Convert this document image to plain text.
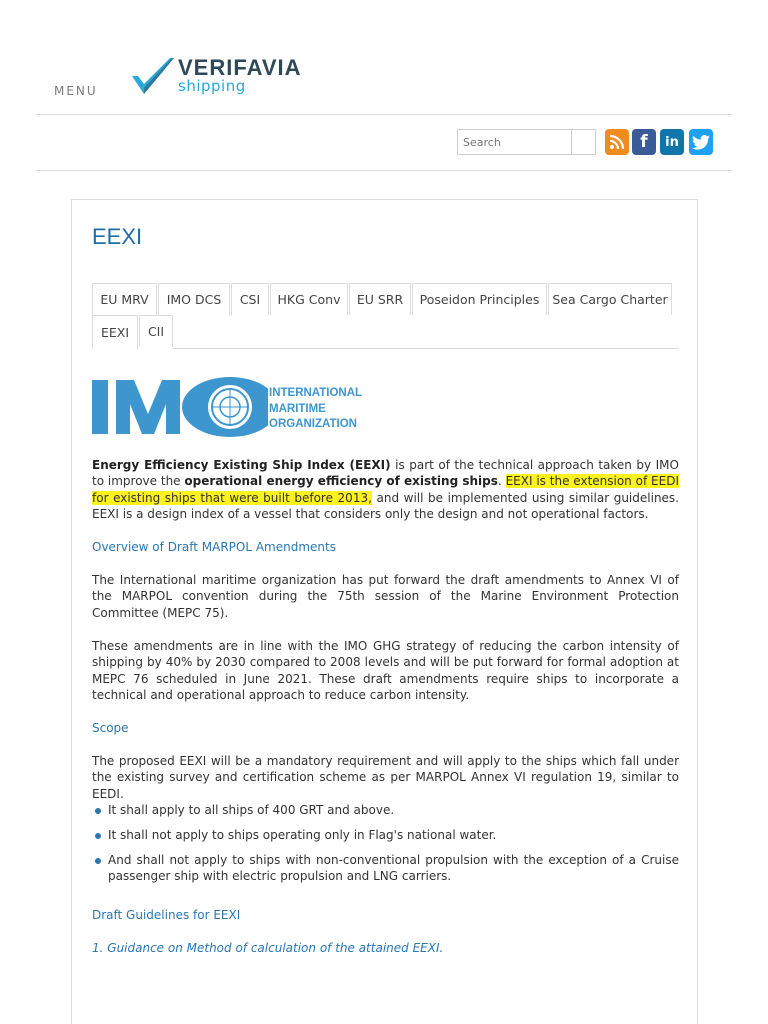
MENU
VERIFAVIA
shipping
Search
f	in
EEXI
EU MRV	IMO DCS	CSI	HKG Conv	EU SRR	Poseidon Principles	Sea Cargo Charter
EEXI	CII
INTERNATIONAL
MARITIME
ORGANIZATION
Energy Efficiency Existing Ship Index (EEXI) is part of the technical approach taken by IMO to improve the operational energy efficiency of existing ships. EEXI is the extension of EEDI for existing ships that were built before 2013, and will be implemented using similar guidelines. EEXI is a design index of a vessel that considers only the design and not operational factors.
Overview of Draft MARPOL Amendments
The International maritime organization has put forward the draft amendments to Annex VI of the MARPOL convention during the 75th session of the Marine Environment Protection Committee (MEPC 75).
These amendments are in line with the IMO GHG strategy of reducing the carbon intensity of shipping by 40% by 2030 compared to 2008 levels and will be put forward for formal adoption at MEPC 76 scheduled in June 2021. These draft amendments require ships to incorporate a technical and operational approach to reduce carbon intensity.
Scope
The proposed EEXI will be a mandatory requirement and will apply to the ships which fall under the existing survey and certification scheme as per MARPOL Annex VI regulation 19, similar to EEDI.
It shall apply to all ships of 400 GRT and above.
It shall not apply to ships operating only in Flag's national water.
And shall not apply to ships with non-conventional propulsion with the exception of a Cruise passenger ship with electric propulsion and LNG carriers.
Draft Guidelines for EEXI
1. Guidance on Method of calculation of the attained EEXI.
